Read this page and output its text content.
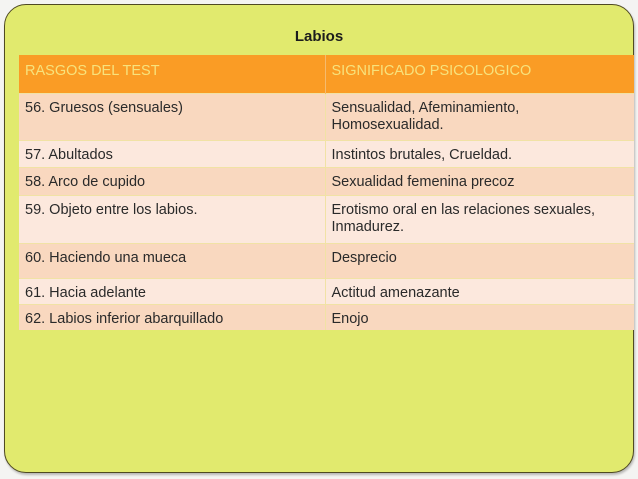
Labios
RASGOS DEL TEST	SIGNIFICADO PSICOLOGICO
56. Gruesos (sensuales)	Sensualidad, Afeminamiento, Homosexualidad.
57. Abultados	Instintos brutales, Crueldad.
58. Arco de cupido	Sexualidad femenina precoz
59. Objeto entre los labios.	Erotismo oral en las relaciones sexuales, Inmadurez.
60. Haciendo una mueca	Desprecio
61. Hacia adelante	Actitud amenazante
62. Labios inferior abarquillado	Enojo
